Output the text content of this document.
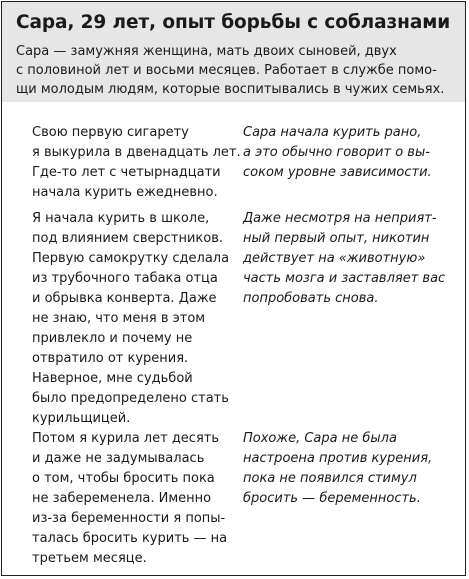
Сара, 29 лет, опыт борьбы с соблазнами

Сара — замужняя женщина, мать двоих сыновей, двух
с половиной лет и восьми месяцев. Работает в службе помо-
щи молодым людям, которые воспитывались в чужих семьях.

Свою первую сигарету
я выкурила в двенадцать лет.
Где-то лет с четырнадцати
начала курить ежедневно.
Сара начала курить рано,
а это обычно говорит о вы-
соком уровне зависимости.
Я начала курить в школе,
под влиянием сверстников.
Первую самокрутку сделала
из трубочного табака отца
и обрывка конверта. Даже
не знаю, что меня в этом
привлекло и почему не
отвратило от курения.
Наверное, мне судьбой
было предопределено стать
курильщицей.
Даже несмотря на неприят-
ный первый опыт, никотин
действует на «животную»
часть мозга и заставляет вас
попробовать снова.
Потом я курила лет десять
и даже не задумывалась
о том, чтобы бросить пока
не забеременела. Именно
из-за беременности я попы-
талась бросить курить — на
третьем месяце.
Похоже, Сара не была
настроена против курения,
пока не появился стимул
бросить — беременность.
